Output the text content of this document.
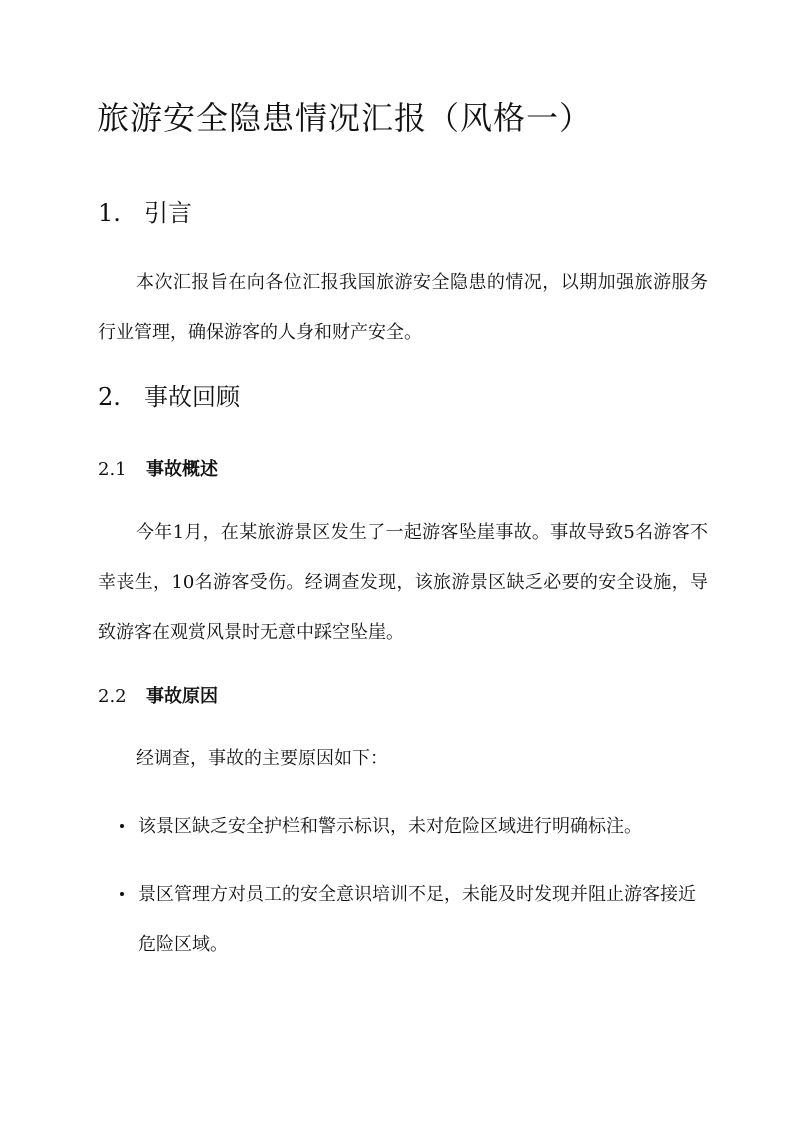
旅游安全隐患情况汇报（风格一）
1. 引言

本次汇报旨在向各位汇报我国旅游安全隐患的情况，以期加强旅游服务行业管理，确保游客的人身和财产安全。

2. 事故回顾
2.1 事故概述

今年1月，在某旅游景区发生了一起游客坠崖事故。事故导致5名游客不幸丧生，10名游客受伤。经调查发现，该旅游景区缺乏必要的安全设施，导致游客在观赏风景时无意中踩空坠崖。

2.2 事故原因

经调查，事故的主要原因如下：

该景区缺乏安全护栏和警示标识，未对危险区域进行明确标注。
景区管理方对员工的安全意识培训不足，未能及时发现并阻止游客接近危险区域。
